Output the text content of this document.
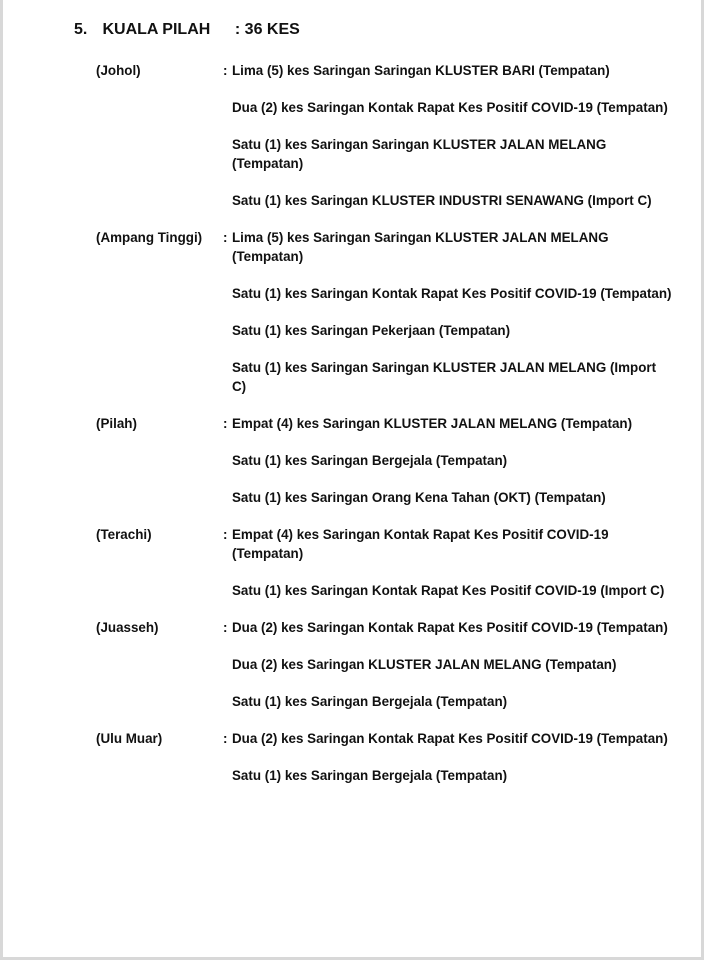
5. KUALA PILAH : 36 KES
(Johol)	: Lima (5) kes Saringan Saringan KLUSTER BARI (Tempatan)
Dua (2) kes Saringan Kontak Rapat Kes Positif COVID-19 (Tempatan)
Satu (1) kes Saringan Saringan KLUSTER JALAN MELANG (Tempatan)
Satu (1) kes Saringan KLUSTER INDUSTRI SENAWANG (Import C)
(Ampang Tinggi) : Lima (5) kes Saringan Saringan KLUSTER JALAN MELANG (Tempatan)
Satu (1) kes Saringan Kontak Rapat Kes Positif COVID-19 (Tempatan)
Satu (1) kes Saringan Pekerjaan (Tempatan)
Satu (1) kes Saringan Saringan KLUSTER JALAN MELANG (Import C)
(Pilah)	: Empat (4) kes Saringan KLUSTER JALAN MELANG (Tempatan)
Satu (1) kes Saringan Bergejala (Tempatan)
Satu (1) kes Saringan Orang Kena Tahan (OKT) (Tempatan)
(Terachi)	: Empat (4) kes Saringan Kontak Rapat Kes Positif COVID-19 (Tempatan)
Satu (1) kes Saringan Kontak Rapat Kes Positif COVID-19 (Import C)
(Juasseh)	: Dua (2) kes Saringan Kontak Rapat Kes Positif COVID-19 (Tempatan)
Dua (2) kes Saringan KLUSTER JALAN MELANG (Tempatan)
Satu (1) kes Saringan Bergejala (Tempatan)
(Ulu Muar)	: Dua (2) kes Saringan Kontak Rapat Kes Positif COVID-19 (Tempatan)
Satu (1) kes Saringan Bergejala (Tempatan)
